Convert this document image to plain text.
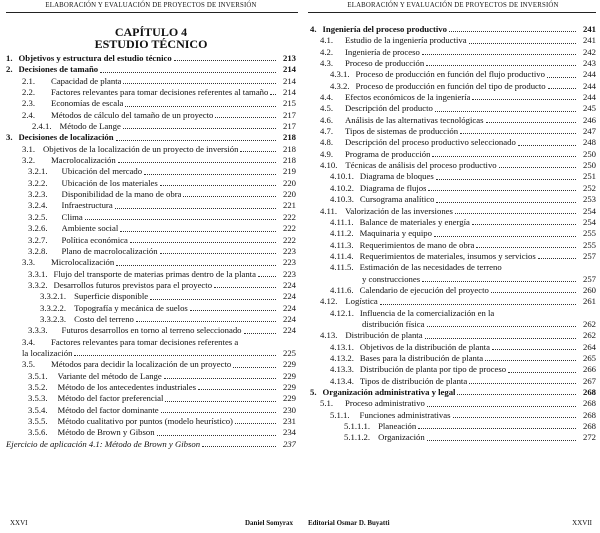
ELABORACIÓN Y EVALUACIÓN DE PROYECTOS DE INVERSIÓN
CAPÍTULO 4
ESTUDIO TÉCNICO
1. Objetivos y estructura del estudio técnico	213
2. Decisiones de tamaño	214
2.1. Capacidad de planta	214
2.2. Factores relevantes para tomar decisiones referentes al tamaño	214
2.3. Economías de escala	215
2.4. Métodos de cálculo del tamaño de un proyecto	217
2.4.1. Método de Lange	217
3. Decisiones de localización	218
3.1. Objetivos de la localización de un proyecto de inversión	218
3.2. Macrolocalización	218
3.2.1. Ubicación del mercado	219
3.2.2. Ubicación de los materiales	220
3.2.3. Disponibilidad de la mano de obra	220
3.2.4. Infraestructura	221
3.2.5. Clima	222
3.2.6. Ambiente social	222
3.2.7. Política económica	222
3.2.8. Plano de macrolocalización	223
3.3. Microlocalización	223
3.3.1. Flujo del transporte de materias primas dentro de la planta	223
3.3.2. Desarrollos futuros previstos para el proyecto	224
3.3.2.1. Superficie disponible	224
3.3.2.2. Topografía y mecánica de suelos	224
3.3.2.3. Costo del terreno	224
3.3.3. Futuros desarrollos en torno al terreno seleccionado	224
3.4. Factores relevantes para tomar decisiones referentes a
la localización	225
3.5. Métodos para decidir la localización de un proyecto	229
3.5.1. Variante del método de Lange	229
3.5.2. Método de los antecedentes industriales	229
3.5.3. Método del factor preferencial	229
3.5.4. Método del factor dominante	230
3.5.5. Método cualitativo por puntos (modelo heurístico)	231
3.5.6. Método de Brown y Gibson	234
Ejercicio de aplicación 4.1: Método de Brown y Gibson	237
XXVI	Daniel Somyrax
ELABORACIÓN Y EVALUACIÓN DE PROYECTOS DE INVERSIÓN
4. Ingeniería del proceso productivo	241
4.1. Estudio de la ingeniería productiva	241
4.2. Ingeniería de proceso	242
4.3. Proceso de producción	243
4.3.1. Proceso de producción en función del flujo productivo	244
4.3.2. Proceso de producción en función del tipo de producto	244
4.4. Efectos económicos de la ingeniería	244
4.5. Descripción del producto	245
4.6. Análisis de las alternativas tecnológicas	246
4.7. Tipos de sistemas de producción	247
4.8. Descripción del proceso productivo seleccionado	248
4.9. Programa de producción	250
4.10. Técnicas de análisis del proceso productivo	250
4.10.1. Diagrama de bloques	251
4.10.2. Diagrama de flujos	252
4.10.3. Cursograma analítico	253
4.11. Valorización de las inversiones	254
4.11.1. Balance de materiales y energía	254
4.11.2. Maquinaria y equipo	255
4.11.3. Requerimientos de mano de obra	255
4.11.4. Requerimientos de materiales, insumos y servicios	257
4.11.5. Estimación de las necesidades de terreno
y construcciones	257
4.11.6. Calendario de ejecución del proyecto	260
4.12. Logística	261
4.12.1. Influencia de la comercialización en la
distribución física	262
4.13. Distribución de planta	262
4.13.1. Objetivos de la distribución de planta	264
4.13.2. Bases para la distribución de planta	265
4.13.3. Distribución de planta por tipo de proceso	266
4.13.4. Tipos de distribución de planta	267
5. Organización administrativa y legal	268
5.1. Proceso administrativo	268
5.1.1. Funciones administrativas	268
5.1.1.1. Planeación	268
5.1.1.2. Organización	272
Editorial Osmar D. Buyatti	XXVII
